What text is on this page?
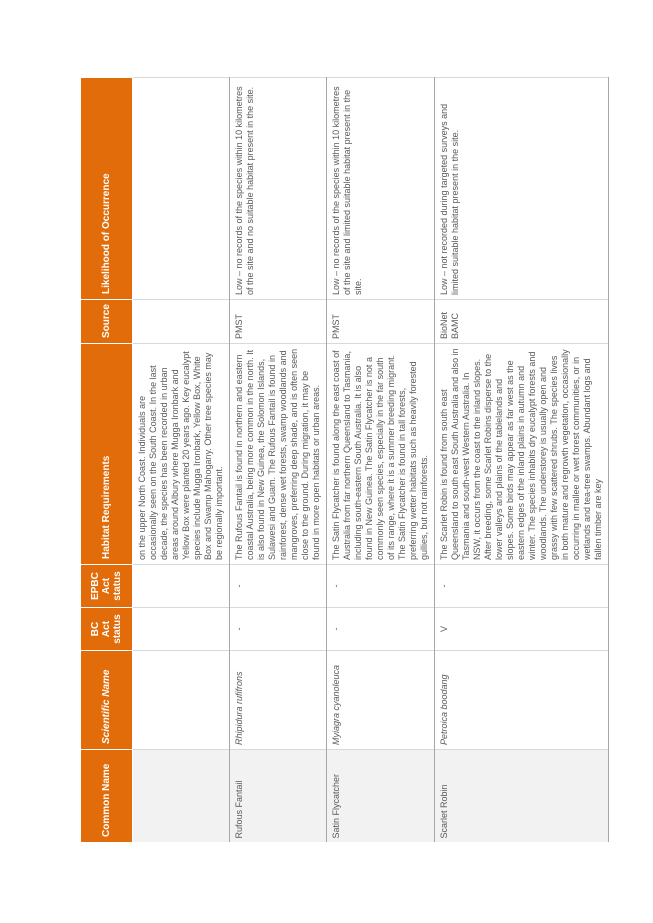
Common Name	Scientific Name	BC Act status	EPBC Act status	Habitat Requirements	Source	Likelihood of Occurrence
				on the upper North Coast. Individuals are occasionally seen on the South Coast. In the last decade, the species has been recorded in urban areas around Albury where Mugga Ironbark and Yellow Box were planted 20 years ago. Key eucalypt species include Mugga Ironbark, Yellow Box, White Box and Swamp Mahogany. Other tree species may be regionally important.	

Rufous Fantail	Rhipidura rufifrons	-	-	The Rufous Fantail is found in northern and eastern coastal Australia, being more common in the north. It is also found in New Guinea, the Solomon Islands, Sulawesi and Guam. The Rufous Fantail is found in rainforest, dense wet forests, swamp woodlands and mangroves, preferring deep shade, and is often seen close to the ground. During migration, it may be found in more open habitats or urban areas.	PMST	Low – no records of the species within 10 kilometres of the site and no suitable habitat present in the site.
Satin Flycatcher	Myiagra cyanoleuca	-	-	The Satin Flycatcher is found along the east coast of Australia from far northern Queensland to Tasmania, including south-eastern South Australia. It is also found in New Guinea. The Satin Flycatcher is not a commonly seen species, especially in the far south of its range, where it is a summer breeding migrant. The Satin Flycatcher is found in tall forests, preferring wetter habitats such as heavily forested gullies, but not rainforests.	PMST	Low – no records of the species within 10 kilometres of the site and limited suitable habitat present in the site.
Scarlet Robin	Petroica boodang	V	-	The Scarlet Robin is found from south east Queensland to south east South Australia and also in Tasmania and south-west Western Australia. In NSW, it occurs from the coast to the inland slopes. After breeding, some Scarlet Robins disperse to the lower valleys and plains of the tablelands and slopes. Some birds may appear as far west as the eastern edges of the inland plains in autumn and winter. The species inhabits dry eucalypt forests and woodlands. The understorey is usually open and grassy with few scattered shrubs. The species lives in both mature and regrowth vegetation, occasionally occurring in mallee or wet forest communities, or in wetlands and tea-tree swamps. Abundant logs and fallen timber are key	BioNet BAMC	Low – not recorded during targeted surveys and limited suitable habitat present in the site.
